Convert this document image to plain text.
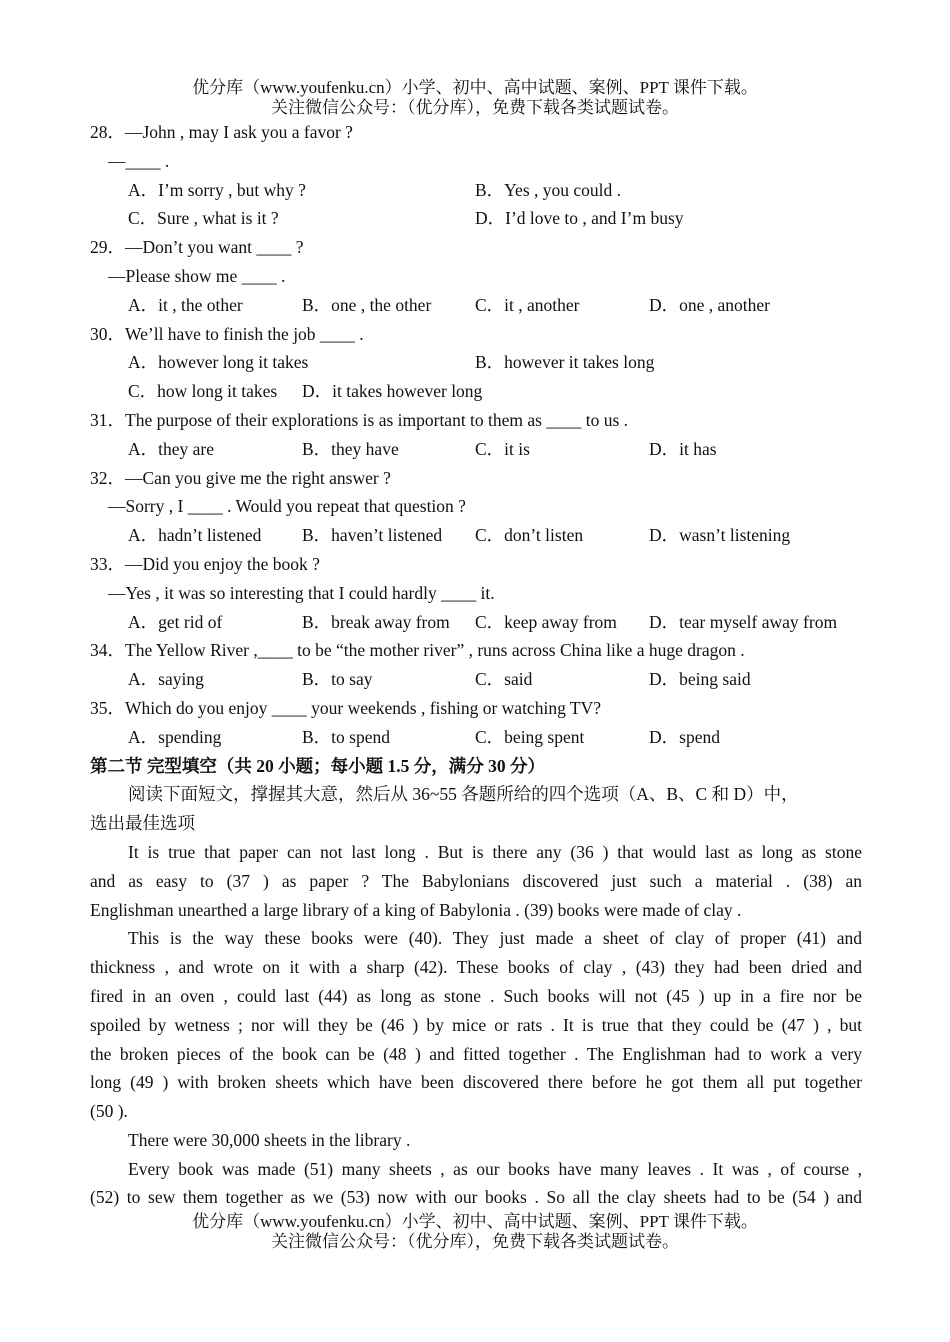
优分库（www.youfenku.cn）小学、初中、高中试题、案例、PPT 课件下载。
关注微信公众号：（优分库），免费下载各类试题试卷。
28．—John , may I ask you a favor ?
—____ .
A．I’m sorry , but why ?	B．Yes , you could .
C．Sure , what is it ?	D．I’d love to , and I’m busy
29．—Don’t you want ____ ?
—Please show me ____ .
A．it , the other	B．one , the other C．it , another	D．one , another
30．We’ll have to finish the job ____ .
A．however long it takes	B．however it takes long
C．how long it takes D．it takes however long
31．The purpose of their explorations is as important to them as ____ to us .
A．they are	B．they have	C．it is	D．it has
32．—Can you give me the right answer ?
—Sorry , I ____ . Would you repeat that question ?
A．hadn’t listened B．haven’t listened C．don’t listen	D．wasn’t listening
33．—Did you enjoy the book ?
—Yes , it was so interesting that I could hardly ____ it.
A．get rid of	B．break away from C．keep away from D．tear myself away from
34．The Yellow River ,____ to be “the mother river” , runs across China like a huge dragon .
A．saying	B．to say	C．said	D．being said
35．Which do you enjoy ____ your weekends , fishing or watching TV?
A．spending	B．to spend	C．being spent	D．spend
第二节 完型填空（共 20 小题；每小题 1.5 分，满分 30 分）
阅读下面短文，撑握其大意，然后从 36~55 各题所给的四个选项（A、B、C 和 D）中，
选出最佳选项
It is true that paper can not last long . But is there any (36 ) that would last as long as stone
and as easy to (37 ) as paper ? The Babylonians discovered just such a material . (38) an
Englishman unearthed a large library of a king of Babylonia . (39) books were made of clay .
This is the way these books were (40). They just made a sheet of clay of proper (41) and
thickness , and wrote on it with a sharp (42). These books of clay , (43) they had been dried and
fired in an oven , could last (44) as long as stone . Such books will not (45 ) up in a fire nor be
spoiled by wetness ; nor will they be (46 ) by mice or rats . It is true that they could be (47 ) , but
the broken pieces of the book can be (48 ) and fitted together . The Englishman had to work a very
long (49 ) with broken sheets which have been discovered there before he got them all put together
(50 ).
There were 30,000 sheets in the library .
Every book was made (51) many sheets , as our books have many leaves . It was , of course ,
(52) to sew them together as we (53) now with our books . So all the clay sheets had to be (54 ) and
优分库（www.youfenku.cn）小学、初中、高中试题、案例、PPT 课件下载。
关注微信公众号：（优分库），免费下载各类试题试卷。
